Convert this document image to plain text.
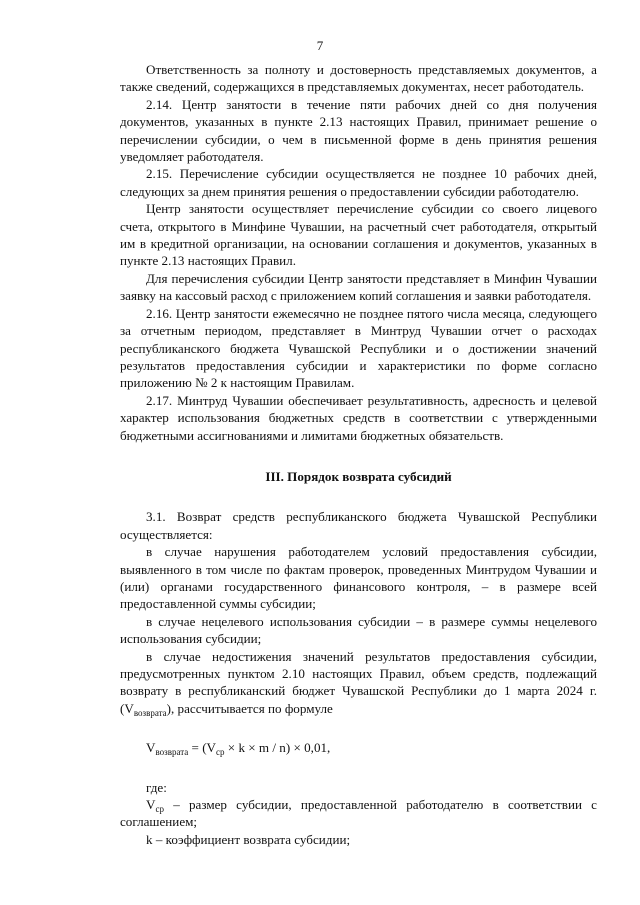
7

Ответственность за полноту и достоверность представляемых документов, а также сведений, содержащихся в представляемых документах, несет работодатель.

2.14. Центр занятости в течение пяти рабочих дней со дня получения документов, указанных в пункте 2.13 настоящих Правил, принимает решение о перечислении субсидии, о чем в письменной форме в день принятия решения уведомляет работодателя.

2.15. Перечисление субсидии осуществляется не позднее 10 рабочих дней, следующих за днем принятия решения о предоставлении субсидии работодателю.

Центр занятости осуществляет перечисление субсидии со своего лицевого счета, открытого в Минфине Чувашии, на расчетный счет работодателя, открытый им в кредитной организации, на основании соглашения и документов, указанных в пункте 2.13 настоящих Правил.

Для перечисления субсидии Центр занятости представляет в Минфин Чувашии заявку на кассовый расход с приложением копий соглашения и заявки работодателя.

2.16. Центр занятости ежемесячно не позднее пятого числа месяца, следующего за отчетным периодом, представляет в Минтруд Чувашии отчет о расходах республиканского бюджета Чувашской Республики и о достижении значений результатов предоставления субсидии и характеристики по форме согласно приложению № 2 к настоящим Правилам.

2.17. Минтруд Чувашии обеспечивает результативность, адресность и целевой характер использования бюджетных средств в соответствии с утвержденными бюджетными ассигнованиями и лимитами бюджетных обязательств.

III. Порядок возврата субсидий

3.1. Возврат средств республиканского бюджета Чувашской Республики осуществляется:

в случае нарушения работодателем условий предоставления субсидии, выявленного в том числе по фактам проверок, проведенных Минтрудом Чувашии и (или) органами государственного финансового контроля, – в размере всей предоставленной суммы субсидии;

в случае нецелевого использования субсидии – в размере суммы нецелевого использования субсидии;

в случае недостижения значений результатов предоставления субсидии, предусмотренных пунктом 2.10 настоящих Правил, объем средств, подлежащий возврату в республиканский бюджет Чувашской Республики до 1 марта 2024 г. $(V_{возврата})$, рассчитывается по формуле

$V_{возврата} = (V_{ср} \times k \times m / n) \times 0,01$,

где:

$V_{ср}$ – размер субсидии, предоставленной работодателю в соответствии с соглашением;

k – коэффициент возврата субсидии;
